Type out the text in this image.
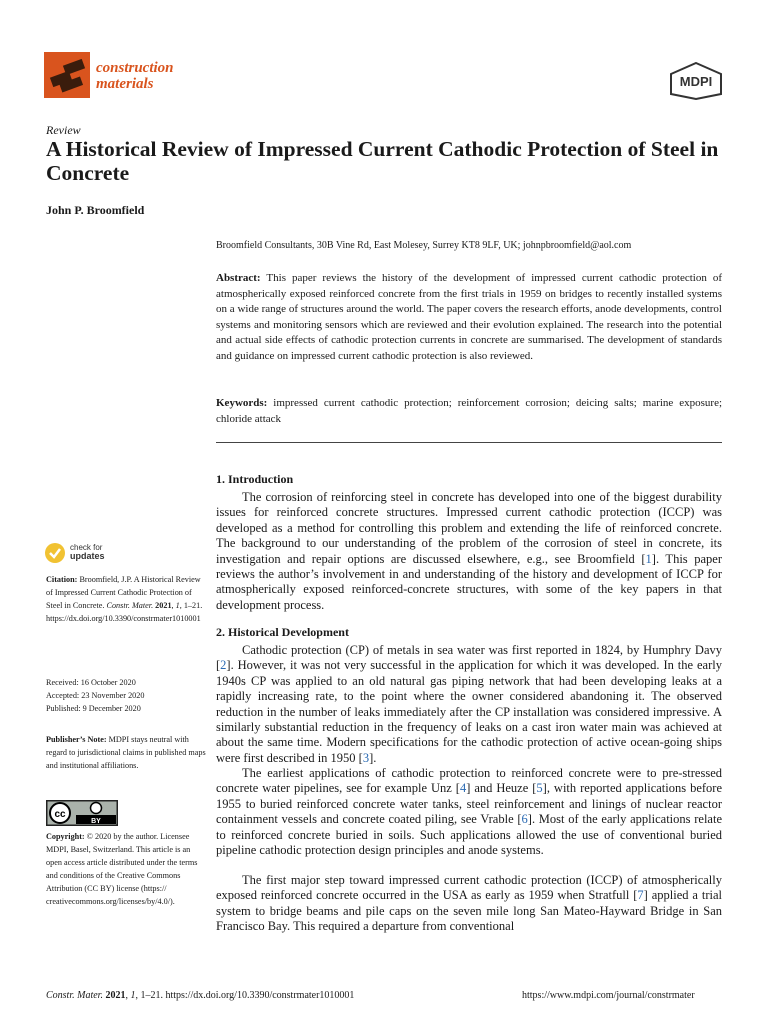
construction
materials	MDPI
Review
A Historical Review of Impressed Current Cathodic Protection of Steel in Concrete
John P. Broomfield
Broomfield Consultants, 30B Vine Rd, East Molesey, Surrey KT8 9LF, UK; johnpbroomfield@aol.com
Abstract: This paper reviews the history of the development of impressed current cathodic protection of atmospherically exposed reinforced concrete from the first trials in 1959 on bridges to recently installed systems on a wide range of structures around the world. The paper covers the research efforts, anode developments, control systems and monitoring sensors which are reviewed and their evolution explained. The research into the potential and actual side effects of cathodic protection currents in concrete are summarised. The development of standards and guidance on impressed current cathodic protection is also reviewed.
Keywords: impressed current cathodic protection; reinforcement corrosion; deicing salts; marine exposure; chloride attack
1. Introduction
The corrosion of reinforcing steel in concrete has developed into one of the biggest durability issues for reinforced concrete structures. Impressed current cathodic protection (ICCP) was developed as a method for controlling this problem and extending the life of reinforced concrete. The background to our understanding of the problem of the corrosion of steel in concrete, its investigation and repair options are discussed elsewhere, e.g., see Broomfield [1]. This paper reviews the author’s involvement in and understanding of the history and development of ICCP for atmospherically exposed reinforced-concrete structures, with some of the key papers in that development process.
2. Historical Development
Cathodic protection (CP) of metals in sea water was first reported in 1824, by Humphry Davy [2]. However, it was not very successful in the application for which it was developed. In the early 1940s CP was applied to an old natural gas piping network that had been developing leaks at a rapidly increasing rate, to the point where the owner considered abandoning it. The observed reduction in the number of leaks immediately after the CP installation was considered impressive. A similarly substantial reduction in the frequency of leaks on a cast iron water main was achieved at about the same time. Modern specifications for the cathodic protection of active ocean-going ships were first described in 1950 [3].
The earliest applications of cathodic protection to reinforced concrete were to pre-stressed concrete water pipelines, see for example Unz [4] and Heuze [5], with reported applications before 1955 to buried reinforced concrete water tanks, steel reinforcement and linings of nuclear reactor containment vessels and concrete coated piling, see Vrable [6]. Most of the early applications relate to reinforced concrete buried in soils. Such applications allowed the use of conventional buried pipeline cathodic protection design principles and anode systems.
The first major step toward impressed current cathodic protection (ICCP) of atmospherically exposed reinforced concrete occurred in the USA as early as 1959 when Stratfull [7] applied a trial system to bridge beams and pile caps on the seven mile long San Mateo-Hayward Bridge in San Francisco Bay. This required a departure from conventional
check for
updates
Citation: Broomfield, J.P. A Historical Review of Impressed Current Cathodic Protection of Steel in Concrete. Constr. Mater. 2021, 1, 1–21. https://dx.doi.org/10.3390/constrmater1010001
Received: 16 October 2020
Accepted: 23 November 2020
Published: 9 December 2020
Publisher’s Note: MDPI stays neutral with regard to jurisdictional claims in published maps and institutional affiliations.
cc
BY
Copyright: © 2020 by the author. Licensee MDPI, Basel, Switzerland. This article is an open access article distributed under the terms and conditions of the Creative Commons Attribution (CC BY) license (https:// creativecommons.org/licenses/by/4.0/).
Constr. Mater. 2021, 1, 1–21. https://dx.doi.org/10.3390/constrmater1010001	https://www.mdpi.com/journal/constrmater
